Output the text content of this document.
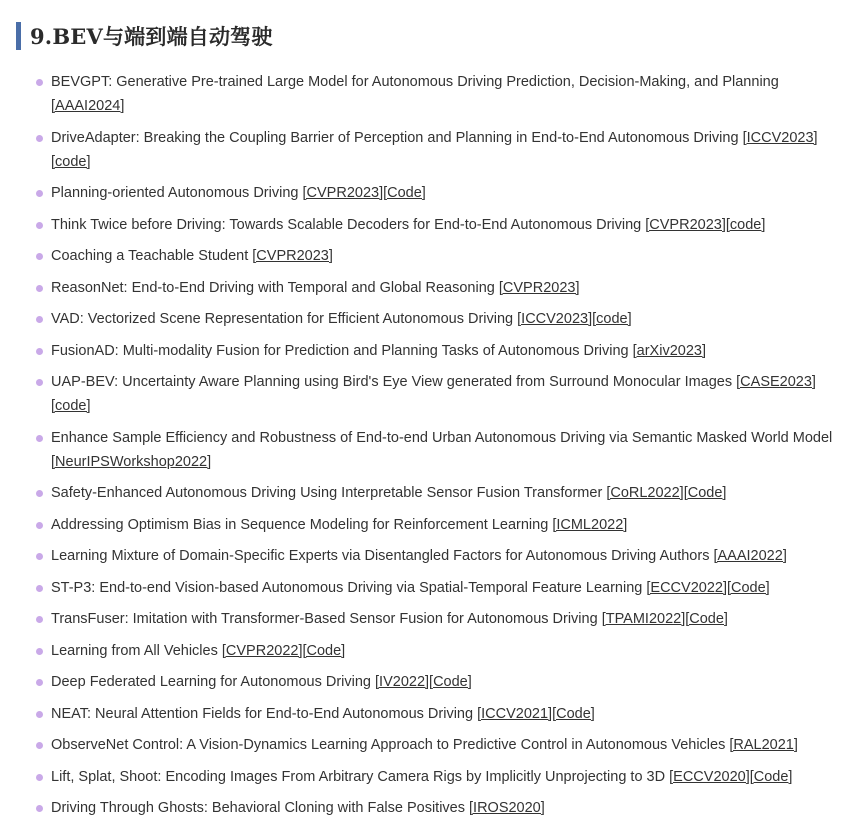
9.BEV与端到端自动驾驶
BEVGPT: Generative Pre-trained Large Model for Autonomous Driving Prediction, Decision-Making, and Planning [AAAI2024]
DriveAdapter: Breaking the Coupling Barrier of Perception and Planning in End-to-End Autonomous Driving [ICCV2023][code]
Planning-oriented Autonomous Driving [CVPR2023][Code]
Think Twice before Driving: Towards Scalable Decoders for End-to-End Autonomous Driving [CVPR2023][code]
Coaching a Teachable Student [CVPR2023]
ReasonNet: End-to-End Driving with Temporal and Global Reasoning [CVPR2023]
VAD: Vectorized Scene Representation for Efficient Autonomous Driving [ICCV2023][code]
FusionAD: Multi-modality Fusion for Prediction and Planning Tasks of Autonomous Driving [arXiv2023]
UAP-BEV: Uncertainty Aware Planning using Bird's Eye View generated from Surround Monocular Images [CASE2023][code]
Enhance Sample Efficiency and Robustness of End-to-end Urban Autonomous Driving via Semantic Masked World Model [NeurIPSWorkshop2022]
Safety-Enhanced Autonomous Driving Using Interpretable Sensor Fusion Transformer [CoRL2022][Code]
Addressing Optimism Bias in Sequence Modeling for Reinforcement Learning [ICML2022]
Learning Mixture of Domain-Specific Experts via Disentangled Factors for Autonomous Driving Authors [AAAI2022]
ST-P3: End-to-end Vision-based Autonomous Driving via Spatial-Temporal Feature Learning [ECCV2022][Code]
TransFuser: Imitation with Transformer-Based Sensor Fusion for Autonomous Driving [TPAMI2022][Code]
Learning from All Vehicles [CVPR2022][Code]
Deep Federated Learning for Autonomous Driving [IV2022][Code]
NEAT: Neural Attention Fields for End-to-End Autonomous Driving [ICCV2021][Code]
ObserveNet Control: A Vision-Dynamics Learning Approach to Predictive Control in Autonomous Vehicles [RAL2021]
Lift, Splat, Shoot: Encoding Images From Arbitrary Camera Rigs by Implicitly Unprojecting to 3D [ECCV2020][Code]
Driving Through Ghosts: Behavioral Cloning with False Positives [IROS2020]
